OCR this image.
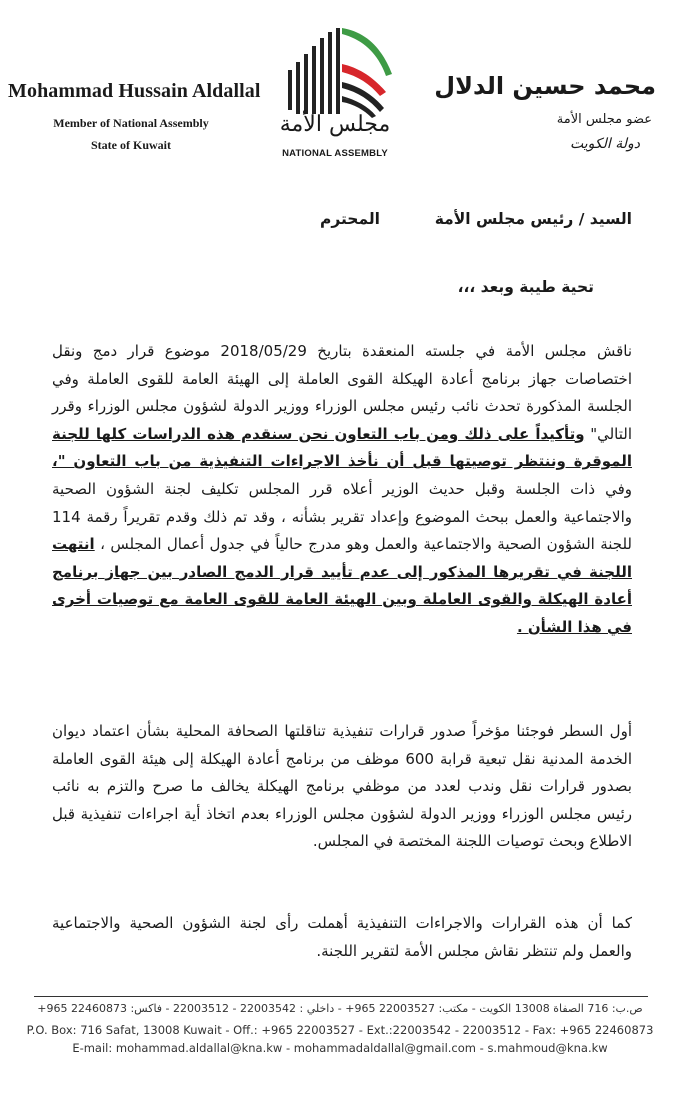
Mohammad Hussain Aldallal
Member of National Assembly
State of Kuwait
مجلس الأمة
NATIONAL ASSEMBLY
محمد حسين الدلال
عضو مجلس الأمة
دولة الكويت
السيد / رئيس مجلس الأمة
المحترم
تحية طيبة وبعد ،،،

ناقش مجلس الأمة في جلسته المنعقدة بتاريخ 2018/05/29 موضوع قرار دمج ونقل اختصاصات جهاز برنامج أعادة الهيكلة القوى العاملة إلى الهيئة العامة للقوى العاملة وفي الجلسة المذكورة تحدث نائب رئيس مجلس الوزراء ووزير الدولة لشؤون مجلس الوزراء وقرر التالي" وتأكيداً على ذلك ومن باب التعاون نحن سنقدم هذه الدراسات كلها للجنة الموقرة وننتظر توصيتها قبل أن نأخذ الاجراءات التنفيذية من باب التعاون "، وفي ذات الجلسة وقبل حديث الوزير أعلاه قرر المجلس تكليف لجنة الشؤون الصحية والاجتماعية والعمل ببحث الموضوع وإعداد تقرير بشأنه ، وقد تم ذلك وقدم تقريراً رقمة 114 للجنة الشؤون الصحية والاجتماعية والعمل وهو مدرج حالياً في جدول أعمال المجلس ، انتهت اللجنة في تقريرها المذكور إلى عدم تأييد قرار الدمج الصادر بين جهاز برنامج أعادة الهيكلة والقوى العاملة وبين الهيئة العامة للقوى العامة مع توصيات أخرى في هذا الشأن .

أول السطر فوجئنا مؤخراً صدور قرارات تنفيذية تناقلتها الصحافة المحلية بشأن اعتماد ديوان الخدمة المدنية نقل تبعية قرابة 600 موظف من برنامج أعادة الهيكلة إلى هيئة القوى العاملة بصدور قرارات نقل وندب لعدد من موظفي برنامج الهيكلة يخالف ما صرح والتزم به نائب رئيس مجلس الوزراء ووزير الدولة لشؤون مجلس الوزراء بعدم اتخاذ أية اجراءات تنفيذية قبل الاطلاع وبحث توصيات اللجنة المختصة في المجلس.

كما أن هذه القرارات والاجراءات التنفيذية أهملت رأى لجنة الشؤون الصحية والاجتماعية والعمل ولم تنتظر نقاش مجلس الأمة لتقرير اللجنة.

ص.ب: 716 الصفاة 13008 الكويت - مكتب: 22003527 965+ - داخلي : 22003542 - 22003512 - فاكس: 22460873 965+
P.O. Box: 716 Safat, 13008 Kuwait - Off.: +965 22003527 - Ext.:22003542 - 22003512 - Fax: +965 22460873
E-mail: mohammad.aldallal@kna.kw - mohammadaldallal@gmail.com - s.mahmoud@kna.kw
